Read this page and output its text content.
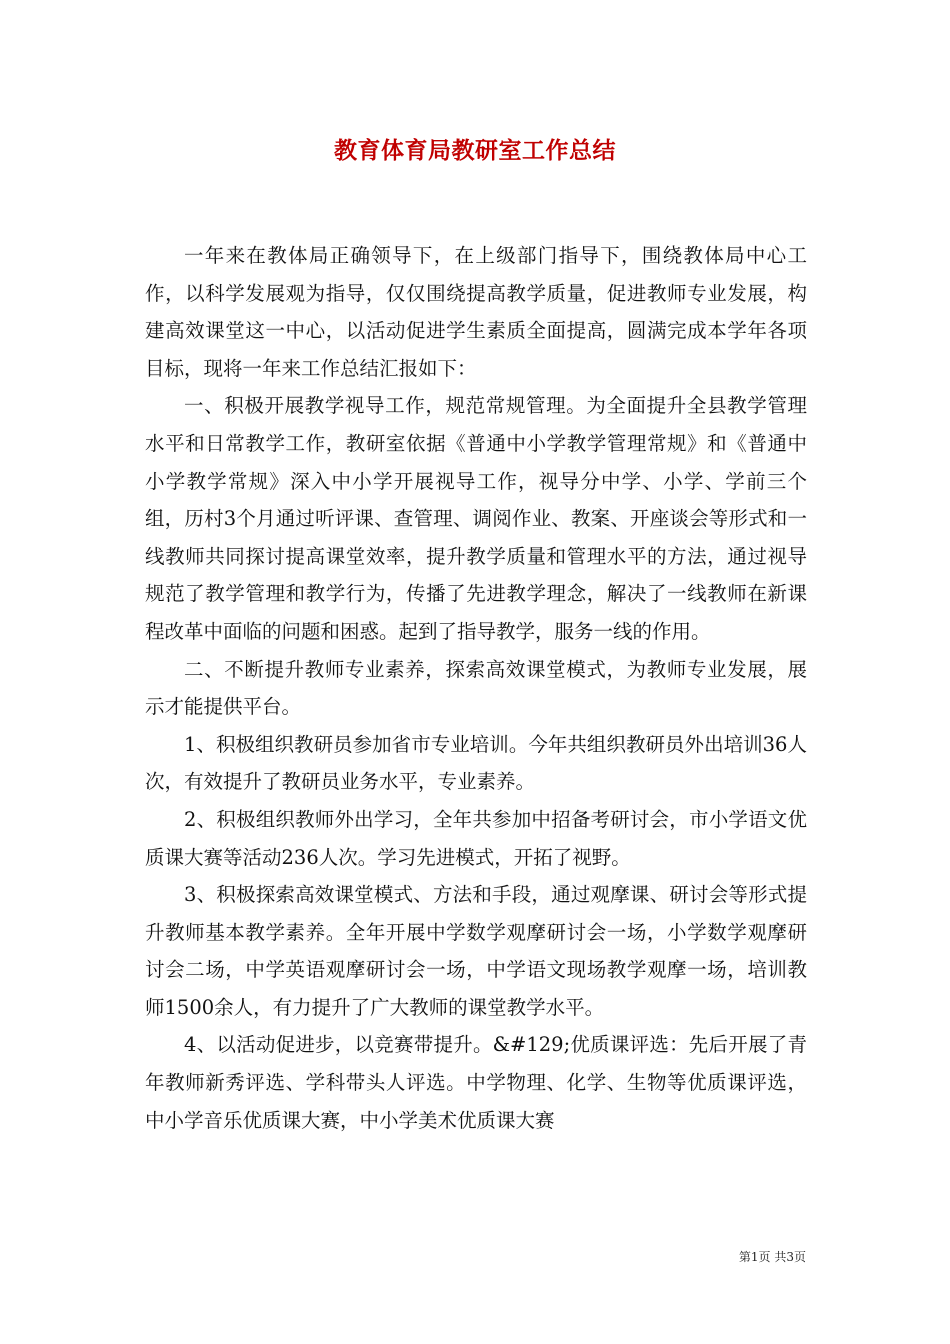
教育体育局教研室工作总结

一年来在教体局正确领导下，在上级部门指导下，围绕教体局中心工作，以科学发展观为指导，仅仅围绕提高教学质量，促进教师专业发展，构建高效课堂这一中心，以活动促进学生素质全面提高，圆满完成本学年各项目标，现将一年来工作总结汇报如下：

一、积极开展教学视导工作，规范常规管理。为全面提升全县教学管理水平和日常教学工作，教研室依据《普通中小学教学管理常规》和《普通中小学教学常规》深入中小学开展视导工作，视导分中学、小学、学前三个组，历村3个月通过听评课、查管理、调阅作业、教案、开座谈会等形式和一线教师共同探讨提高课堂效率，提升教学质量和管理水平的方法，通过视导规范了教学管理和教学行为，传播了先进教学理念，解决了一线教师在新课程改革中面临的问题和困惑。起到了指导教学，服务一线的作用。

二、不断提升教师专业素养，探索高效课堂模式，为教师专业发展，展示才能提供平台。

1、积极组织教研员参加省市专业培训。今年共组织教研员外出培训36人次，有效提升了教研员业务水平，专业素养。

2、积极组织教师外出学习，全年共参加中招备考研讨会，市小学语文优质课大赛等活动236人次。学习先进模式，开拓了视野。

3、积极探索高效课堂模式、方法和手段，通过观摩课、研讨会等形式提升教师基本教学素养。全年开展中学数学观摩研讨会一场，小学数学观摩研讨会二场，中学英语观摩研讨会一场，中学语文现场教学观摩一场，培训教师1500余人，有力提升了广大教师的课堂教学水平。

4、以活动促进步，以竞赛带提升。&#129;优质课评选：先后开展了青年教师新秀评选、学科带头人评选。中学物理、化学、生物等优质课评选，中小学音乐优质课大赛，中小学美术优质课大赛

第1页 共3页
